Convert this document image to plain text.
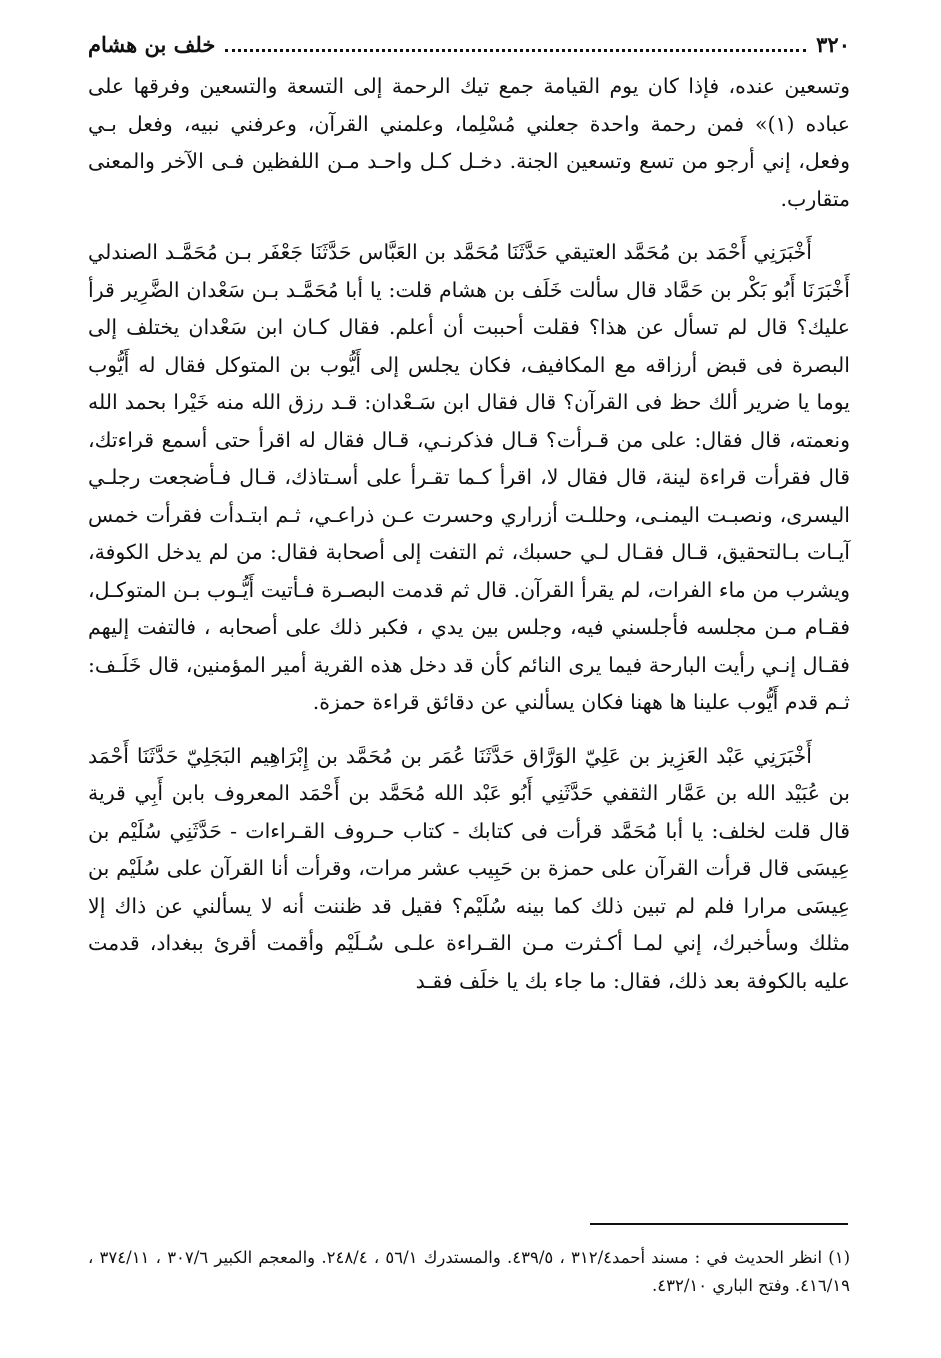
٣٢٠
خلف بن هشام

وتسعين عنده، فإذا كان يوم القيامة جمع تيك الرحمة إلى التسعة والتسعين وفرقها على عباده (١)» فمن رحمة واحدة جعلني مُسْلِما، وعلمني القرآن، وعرفني نبيه، وفعل بـي وفعل، إني أرجو من تسع وتسعين الجنة. دخـل كـل واحـد مـن اللفظين فـى الآخر والمعنى متقارب.

أَخْبَرَنِي أَحْمَد بن مُحَمَّد العتيقي حَدَّثَنَا مُحَمَّد بن العَبَّاس حَدَّثَنَا جَعْفَر بـن مُحَمَّـد الصندلي أَخْبَرَنَا أَبُو بَكْر بن حَمَّاد قال سألت خَلَف بن هشام قلت: يا أبا مُحَمَّـد بـن سَعْدان الضَّرِير قرأ عليك؟ قال لم تسأل عن هذا؟ فقلت أحببت أن أعلم. فقال كـان ابن سَعْدان يختلف إلى البصرة فى قبض أرزاقه مع المكافيف، فكان يجلس إلى أَيُّوب بن المتوكل فقال له أَيُّوب يوما يا ضرير ألك حظ فى القرآن؟ قال فقال ابن سَـعْدان: قـد رزق الله منه خَيْرا بحمد الله ونعمته، قال فقال: على من قـرأت؟ قـال فذكرنـي، قـال فقال له اقرأ حتى أسمع قراءتك، قال فقرأت قراءة لينة، قال فقال لا، اقرأ كـما تقـرأ على أسـتاذك، قـال فـأضجعت رجلـي اليسرى، ونصبـت اليمنـى، وحللـت أزراري وحسرت عـن ذراعـي، ثـم ابتـدأت فقرأت خمس آيـات بـالتحقيق، قـال فقـال لـي حسبك، ثم التفت إلى أصحابة فقال: من لم يدخل الكوفة، ويشرب من ماء الفرات، لم يقرأ القرآن. قال ثم قدمت البصـرة فـأتيت أَيُّـوب بـن المتوكـل، فقـام مـن مجلسه فأجلسني فيه، وجلس بين يدي ، فكبر ذلك على أصحابه ، فالتفت إليهم فقـال إنـي رأيت البارحة فيما يرى النائم كأن قد دخل هذه القرية أمير المؤمنين، قال خَلَـف: ثـم قدم أَيُّوب علينا ها ههنا فكان يسألني عن دقائق قراءة حمزة.

أَخْبَرَنِي عَبْد العَزِيز بن عَلِيّ الوَرَّاق حَدَّثَنَا عُمَر بن مُحَمَّد بن إِبْرَاهِيم البَجَلِيّ حَدَّثَنَا أَحْمَد بن عُبَيْد الله بن عَمَّار الثقفي حَدَّثَنِي أَبُو عَبْد الله مُحَمَّد بن أَحْمَد المعروف بابن أَبِي قرية قال قلت لخلف: يا أبا مُحَمَّد قرأت فى كتابك - كتاب حـروف القـراءات - حَدَّثَنِي سُلَيْم بن عِيسَى قال قرأت القرآن على حمزة بن حَبِيب عشر مرات، وقرأت أنا القرآن على سُلَيْم بن عِيسَى مرارا فلم لم تبين ذلك كما بينه سُلَيْم؟ فقيل قد ظننت أنه لا يسألني عن ذاك إلا مثلك وسأخبرك، إني لمـا أكـثرت مـن القـراءة علـى سُـلَيْم وأقمت أقرئ ببغداد، قدمت عليه بالكوفة بعد ذلك، فقال: ما جاء بك يا خلَف فقـد

(١) انظر الحديث في : مسند أحمد٣١٢/٤ ، ٤٣٩/٥. والمستدرك ٥٦/١ ، ٢٤٨/٤. والمعجم الكبير ٣٠٧/٦ ، ٣٧٤/١١ ، ٤١٦/١٩. وفتح الباري ٤٣٢/١٠.
